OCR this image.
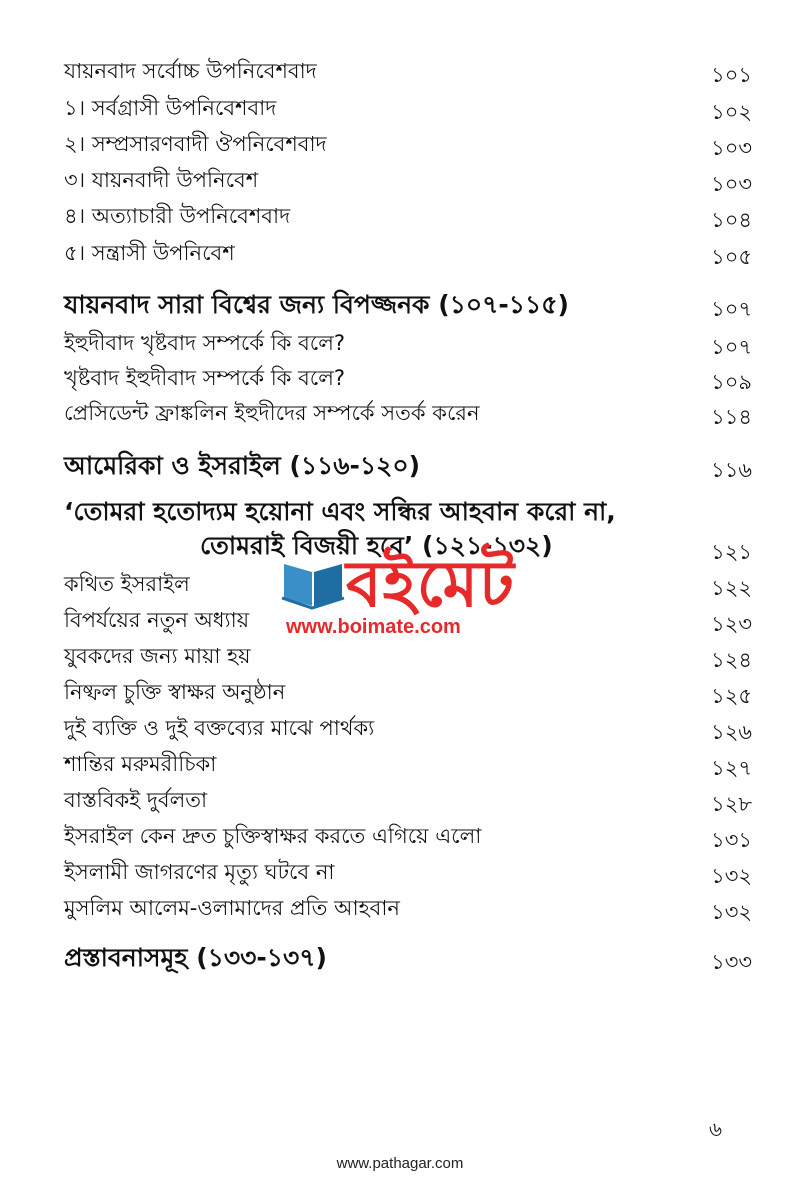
যায়নবাদ সর্বোচ্চ উপনিবেশবাদ	১০১
১। সর্বগ্রাসী উপনিবেশবাদ	১০২
২। সম্প্রসারণবাদী ঔপনিবেশবাদ	১০৩
৩। যায়নবাদী উপনিবেশ	১০৩
৪। অত্যাচারী উপনিবেশবাদ	১০৪
৫। সন্ত্রাসী উপনিবেশ	১০৫
যায়নবাদ সারা বিশ্বের জন্য বিপজ্জনক (১০৭-১১৫)	১০৭
ইহুদীবাদ খৃষ্টবাদ সম্পর্কে কি বলে?	১০৭
খৃষ্টবাদ ইহুদীবাদ সম্পর্কে কি বলে?	১০৯
প্রেসিডেন্ট ফ্রাঙ্কলিন ইহুদীদের সম্পর্কে সতর্ক করেন	১১৪
আমেরিকা ও ইসরাইল (১১৬-১২০)	১১৬
‘তোমরা হতোদ্যম হয়োনা এবং সন্ধির আহবান করো না,
তোমরাই বিজয়ী হবে’ (১২১-১৩২)	১২১
কথিত ইসরাইল	১২২
বিপর্যয়ের নতুন অধ্যায়	১২৩
যুবকদের জন্য মায়া হয়	১২৪
নিষ্ফল চুক্তি স্বাক্ষর অনুষ্ঠান	১২৫
দুই ব্যক্তি ও দুই বক্তব্যের মাঝে পার্থক্য	১২৬
শান্তির মরুমরীচিকা	১২৭
বাস্তবিকই দুর্বলতা	১২৮
ইসরাইল কেন দ্রুত চুক্তিস্বাক্ষর করতে এগিয়ে এলো	১৩১
ইসলামী জাগরণের মৃত্যু ঘটবে না	১৩২
মুসলিম আলেম-ওলামাদের প্রতি আহবান	১৩২
প্রস্তাবনাসমূহ (১৩৩-১৩৭)	১৩৩
বইমেট
www.boimate.com
৬
www.pathagar.com
